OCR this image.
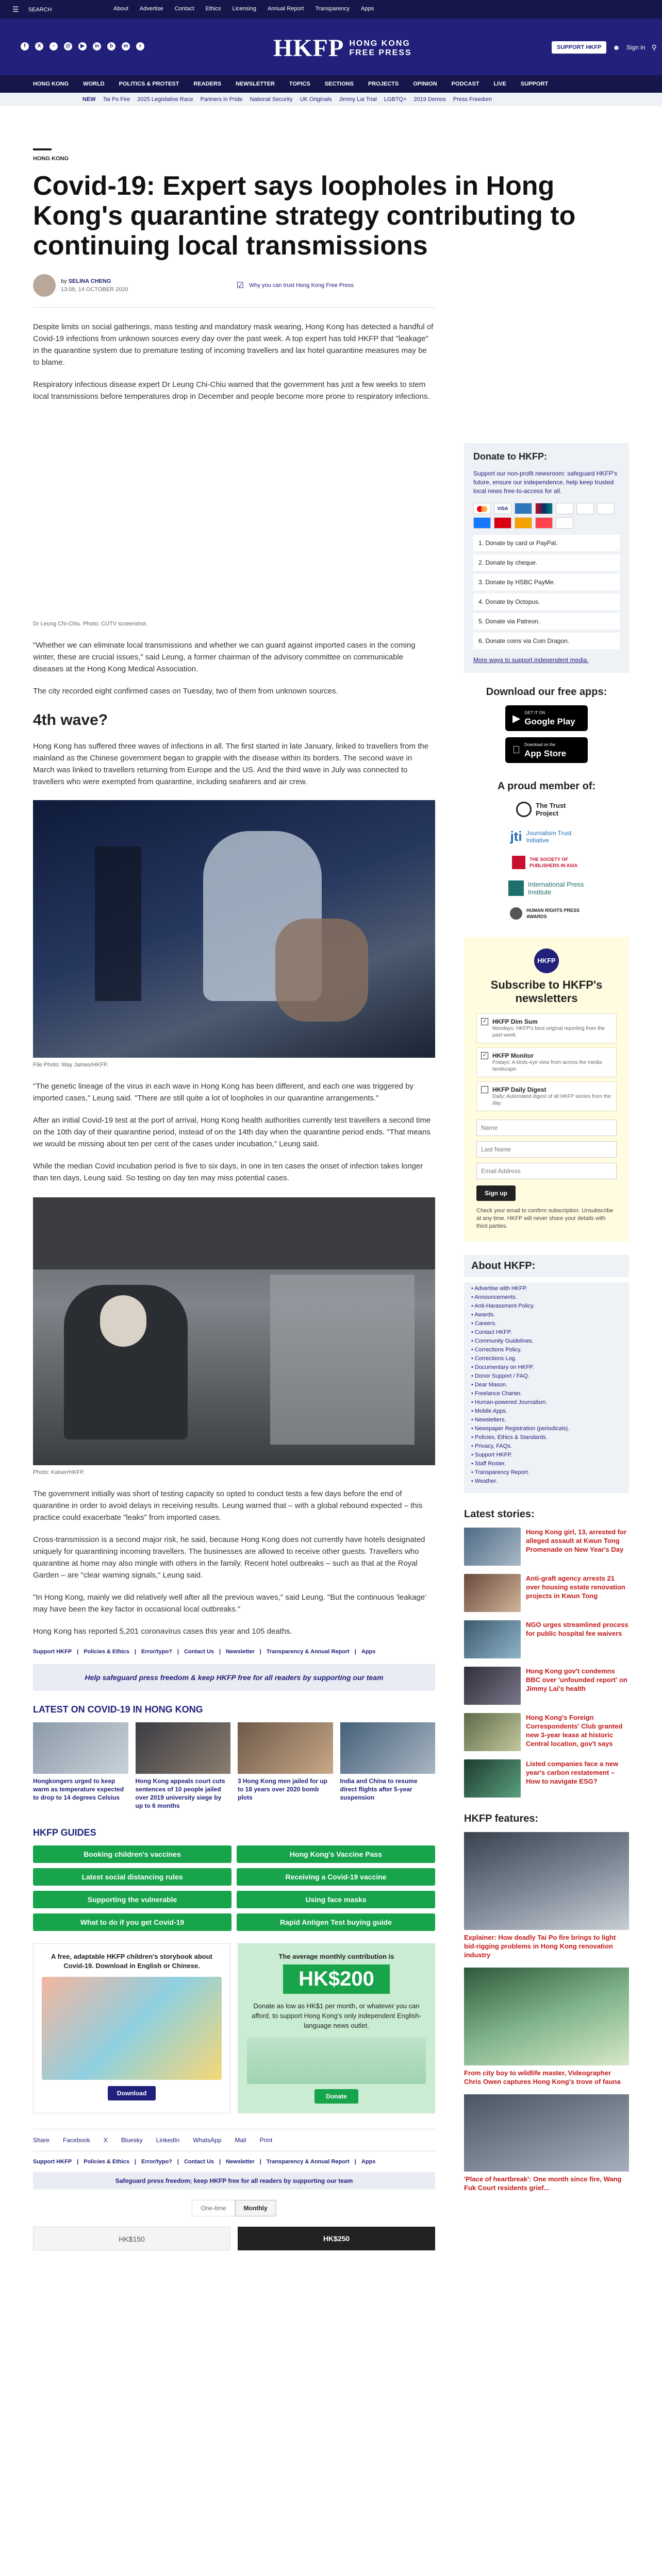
☰ SEARCH	About Advertise Contact Ethics Licensing Annual Report Transparency Apps
f	X	○	@	▶	in	b	m	r	HKFP HONG KONG
FREE PRESS
SUPPORT HKFP	☻ Sign in ⚲
HONG KONG	WORLD	POLITICS & PROTEST	READERS	NEWSLETTER	TOPICS	SECTIONS	PROJECTS	OPINION	PODCAST	LIVE	SUPPORT
NEW Tai Po Fire 2025 Legislative Race Partners in Pride National Security UK Originals Jimmy Lai Trial LGBTQ+ 2019 Demos Press Freedom
HONG KONG
Covid-19: Expert says loopholes in Hong Kong's quarantine strategy contributing to continuing local transmissions
by SELINA CHENG
13:08, 14 OCTOBER 2020	☑ Why you can trust Hong Kong Free Press

Despite limits on social gatherings, mass testing and mandatory mask wearing, Hong Kong has detected a handful of Covid-19 infections from unknown sources every day over the past week. A top expert has told HKFP that "leakage" in the quarantine system due to premature testing of incoming travellers and lax hotel quarantine measures may be to blame.

Respiratory infectious disease expert Dr Leung Chi-Chiu warned that the government has just a few weeks to stem local transmissions before temperatures drop in December and people become more prone to respiratory infections.

Dr Leung Chi-Chiu. Photo: CUTV screenshot.

"Whether we can eliminate local transmissions and whether we can guard against imported cases in the coming winter, these are crucial issues," said Leung, a former chairman of the advisory committee on communicable diseases at the Hong Kong Medical Association.

The city recorded eight confirmed cases on Tuesday, two of them from unknown sources.

4th wave?

Hong Kong has suffered three waves of infections in all. The first started in late January, linked to travellers from the mainland as the Chinese government began to grapple with the disease within its borders. The second wave in March was linked to travellers returning from Europe and the US. And the third wave in July was connected to travellers who were exempted from quarantine, including seafarers and air crew.

File Photo: May James/HKFP.

"The genetic lineage of the virus in each wave in Hong Kong has been different, and each one was triggered by imported cases," Leung said. "There are still quite a lot of loopholes in our quarantine arrangements."

After an initial Covid-19 test at the port of arrival, Hong Kong health authorities currently test travellers a second time on the 10th day of their quarantine period, instead of on the 14th day when the quarantine period ends. "That means we would be missing about ten per cent of the cases under incubation," Leung said.

While the median Covid incubation period is five to six days, in one in ten cases the onset of infection takes longer than ten days, Leung said. So testing on day ten may miss potential cases.

Photo: Kaiser/HKFP.

The government initially was short of testing capacity so opted to conduct tests a few days before the end of quarantine in order to avoid delays in receiving results. Leung warned that – with a global rebound expected – this practice could exacerbate "leaks" from imported cases.

Cross-transmission is a second major risk, he said, because Hong Kong does not currently have hotels designated uniquely for quarantining incoming travellers. The businesses are allowed to receive other guests. Travellers who quarantine at home may also mingle with others in the family. Recent hotel outbreaks – such as that at the Royal Garden – are "clear warning signals," Leung said.

"In Hong Kong, mainly we did relatively well after all the previous waves," said Leung. "But the continuous 'leakage' may have been the key factor in occasional local outbreaks."

Hong Kong has reported 5,201 coronavirus cases this year and 105 deaths.

Support HKFP | Policies & Ethics | Error/typo? | Contact Us | Newsletter | Transparency & Annual Report | Apps
Help safeguard press freedom & keep HKFP free for all readers by supporting our team
LATEST ON COVID-19 IN HONG KONG
Hongkongers urged to keep warm as temperature expected to drop to 14 degrees Celsius
Hong Kong appeals court cuts sentences of 10 people jailed over 2019 university siege by up to 6 months
3 Hong Kong men jailed for up to 18 years over 2020 bomb plots
India and China to resume direct flights after 5-year suspension
HKFP GUIDES
Booking children's vaccines	Hong Kong's Vaccine Pass
Latest social distancing rules	Receiving a Covid-19 vaccine
Supporting the vulnerable	Using face masks
What to do if you get Covid-19	Rapid Antigen Test buying guide
A free, adaptable HKFP children's storybook about Covid-19. Download in English or Chinese.
Download
The average monthly contribution is
HK$200
Donate as low as HK$1 per month, or whatever you can afford, to support Hong Kong's only independent English-language news outlet.
Donate
Share Facebook X Bluesky LinkedIn WhatsApp Mail Print
Support HKFP | Policies & Ethics | Error/typo? | Contact Us | Newsletter | Transparency & Annual Report | Apps
Safeguard press freedom; keep HKFP free for all readers by supporting our team
One-time	Monthly
HK$150	HK$250
Donate to HKFP:
Support our non-profit newsroom: safeguard HKFP's future, ensure our independence, help keep trusted local news free-to-access for all.
VISA
1. Donate by card or PayPal.
2. Donate by cheque.
3. Donate by HSBC PayMe.
4. Donate by Octopus.
5. Donate via Patreon.
6. Donate coins via Coin Dragon.
More ways to support independent media.
Download our free apps:
▶ GET IT ON
Google Play
Download on the
App Store
A proud member of:
The Trust Project
jti Journalism Trust Initiative
THE SOCIETY OF PUBLISHERS IN ASIA
International Press Institute
HUMAN RIGHTS PRESS AWARDS
HKFP
Subscribe to HKFP's newsletters
✓ HKFP Dim Sum
Mondays: HKFP's best original reporting from the past week.
✓ HKFP Monitor
Fridays: A birds-eye view from across the media landscape.
HKFP Daily Digest
Daily: Automated digest of all HKFP stories from the day.
Name Last Name Email Address Sign up
Check your email to confirm subscription. Unsubscribe at any time. HKFP will never share your details with third parties.
About HKFP:
• Advertise with HKFP.
• Announcements.
• Anti-Harassment Policy.
• Awards.
• Careers.
• Contact HKFP.
• Community Guidelines.
• Corrections Policy.
• Corrections Log.
• Documentary on HKFP.
• Donor Support / FAQ.
• Dear Mason.
• Freelance Charter.
• Human-powered Journalism.
• Mobile Apps.
• Newsletters.
• Newspaper Registration (periodicals).
• Policies, Ethics & Standards.
• Privacy, FAQs.
• Support HKFP.
• Staff Roster.
• Transparency Report.
• Weather.
Latest stories:
Hong Kong girl, 13, arrested for alleged assault at Kwun Tong Promenade on New Year's Day
Anti-graft agency arrests 21 over housing estate renovation projects in Kwun Tong
NGO urges streamlined process for public hospital fee waivers
Hong Kong gov't condemns BBC over 'unfounded report' on Jimmy Lai's health
Hong Kong's Foreign Correspondents' Club granted new 3-year lease at historic Central location, gov't says
Listed companies face a new year's carbon restatement – How to navigate ESG?
HKFP features:
Explainer: How deadly Tai Po fire brings to light bid-rigging problems in Hong Kong renovation industry
From city boy to wildlife master, Videographer Chris Owen captures Hong Kong's trove of fauna
'Place of heartbreak': One month since fire, Wang Fuk Court residents grief...
